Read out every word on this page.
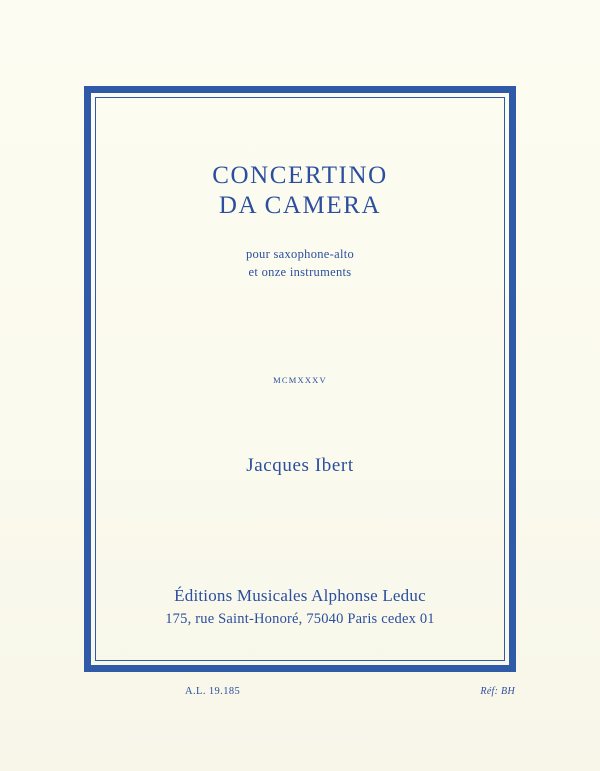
CONCERTINO
DA CAMERA
pour saxophone-alto
et onze instruments
MCMXXXV
Jacques Ibert
Éditions Musicales Alphonse Leduc
175, rue Saint-Honoré, 75040 Paris cedex 01
A.L. 19.185	Réf: BH
